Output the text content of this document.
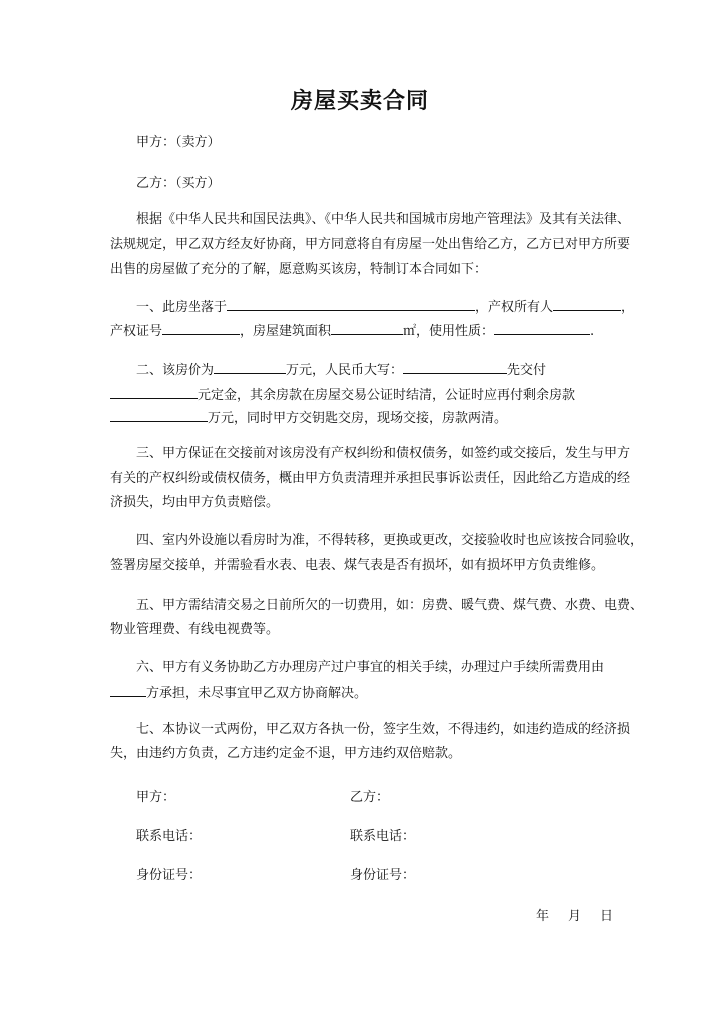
房屋买卖合同
甲方：（卖方）
乙方：（买方）
根据《中华人民共和国民法典》、《中华人民共和国城市房地产管理法》及其有关法律、
法规规定，甲乙双方经友好协商，甲方同意将自有房屋一处出售给乙方，乙方已对甲方所要
出售的房屋做了充分的了解，愿意购买该房，特制订本合同如下：
一、此房坐落于	，产权所有人	，
产权证号	，房屋建筑面积	㎡，使用性质：	.
二、该房价为	万元，人民币大写：	先交付
元定金，其余房款在房屋交易公证时结清，公证时应再付剩余房款
万元，同时甲方交钥匙交房，现场交接，房款两清。
三、甲方保证在交接前对该房没有产权纠纷和债权债务，如签约或交接后，发生与甲方
有关的产权纠纷或债权债务，概由甲方负责清理并承担民事诉讼责任，因此给乙方造成的经
济损失，均由甲方负责赔偿。
四、室内外设施以看房时为准，不得转移，更换或更改，交接验收时也应该按合同验收，
签署房屋交接单，并需验看水表、电表、煤气表是否有损坏，如有损坏甲方负责维修。
五、甲方需结清交易之日前所欠的一切费用，如：房费、暖气费、煤气费、水费、电费、
物业管理费、有线电视费等。
六、甲方有义务协助乙方办理房产过户事宜的相关手续，办理过户手续所需费用由
方承担，未尽事宜甲乙双方协商解决。
七、本协议一式两份，甲乙双方各执一份，签字生效，不得违约，如违约造成的经济损
失，由违约方负责，乙方违约定金不退，甲方违约双倍赔款。
甲方：	乙方：
联系电话：	联系电话：
身份证号：	身份证号：
年 月 日
